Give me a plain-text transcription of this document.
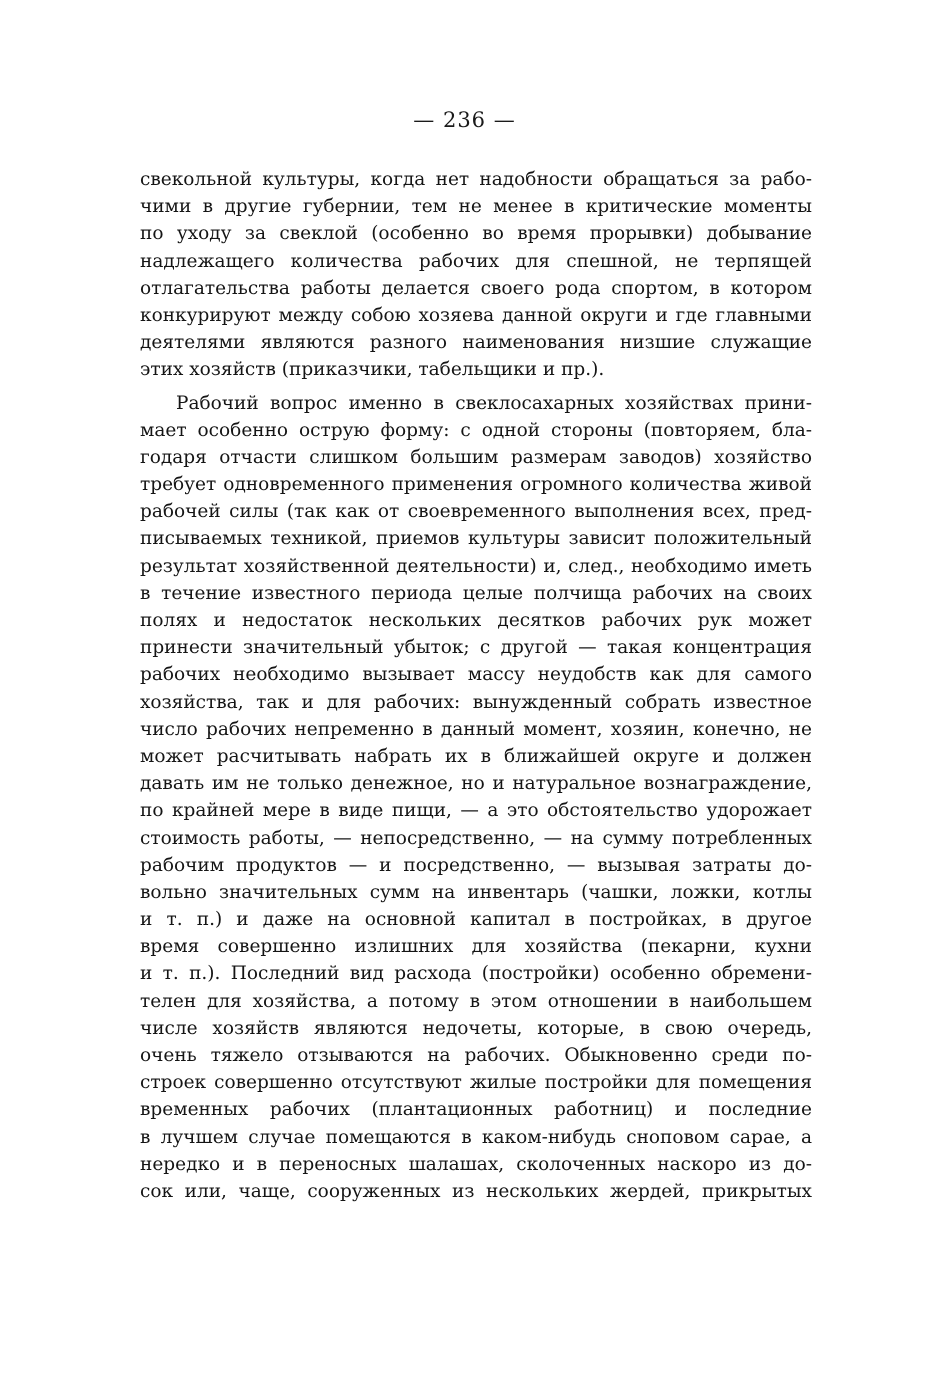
— 236 —
свекольной культуры, когда нет надобности обращаться за рабо-
чими в другие губернии, тем не менее в критические моменты
по уходу за свеклой (особенно во время прорывки) добывание
надлежащего количества рабочих для спешной, не терпящей
отлагательства работы делается своего рода спортом, в котором
конкурируют между собою хозяева данной округи и где главными
деятелями являются разного наименования низшие служащие
этих хозяйств (приказчики, табельщики и пр.).
Рабочий вопрос именно в свеклосахарных хозяйствах прини-
мает особенно острую форму: с одной стороны (повторяем, бла-
годаря отчасти слишком большим размерам заводов) хозяйство
требует одновременного применения огромного количества живой
рабочей силы (так как от своевременного выполнения всех, пред-
писываемых техникой, приемов культуры зависит положительный
результат хозяйственной деятельности) и, след., необходимо иметь
в течение известного периода целые полчища рабочих на своих
полях и недостаток нескольких десятков рабочих рук может
принести значительный убыток; с другой — такая концентрация
рабочих необходимо вызывает массу неудобств как для самого
хозяйства, так и для рабочих: вынужденный собрать известное
число рабочих непременно в данный момент, хозяин, конечно, не
может расчитывать набрать их в ближайшей округе и должен
давать им не только денежное, но и натуральное вознаграждение,
по крайней мере в виде пищи, — а это обстоятельство удорожает
стоимость работы, — непосредственно, — на сумму потребленных
рабочим продуктов — и посредственно, — вызывая затраты до-
вольно значительных сумм на инвентарь (чашки, ложки, котлы
и т. п.) и даже на основной капитал в постройках, в другое
время совершенно излишних для хозяйства (пекарни, кухни
и т. п.). Последний вид расхода (постройки) особенно обремени-
телен для хозяйства, а потому в этом отношении в наибольшем
числе хозяйств являются недочеты, которые, в свою очередь,
очень тяжело отзываются на рабочих. Обыкновенно среди по-
строек совершенно отсутствуют жилые постройки для помещения
временных рабочих (плантационных работниц) и последние
в лучшем случае помещаются в каком-нибудь сноповом сарае, а
нередко и в переносных шалашах, сколоченных наскоро из до-
сок или, чаще, сооруженных из нескольких жердей, прикрытых
